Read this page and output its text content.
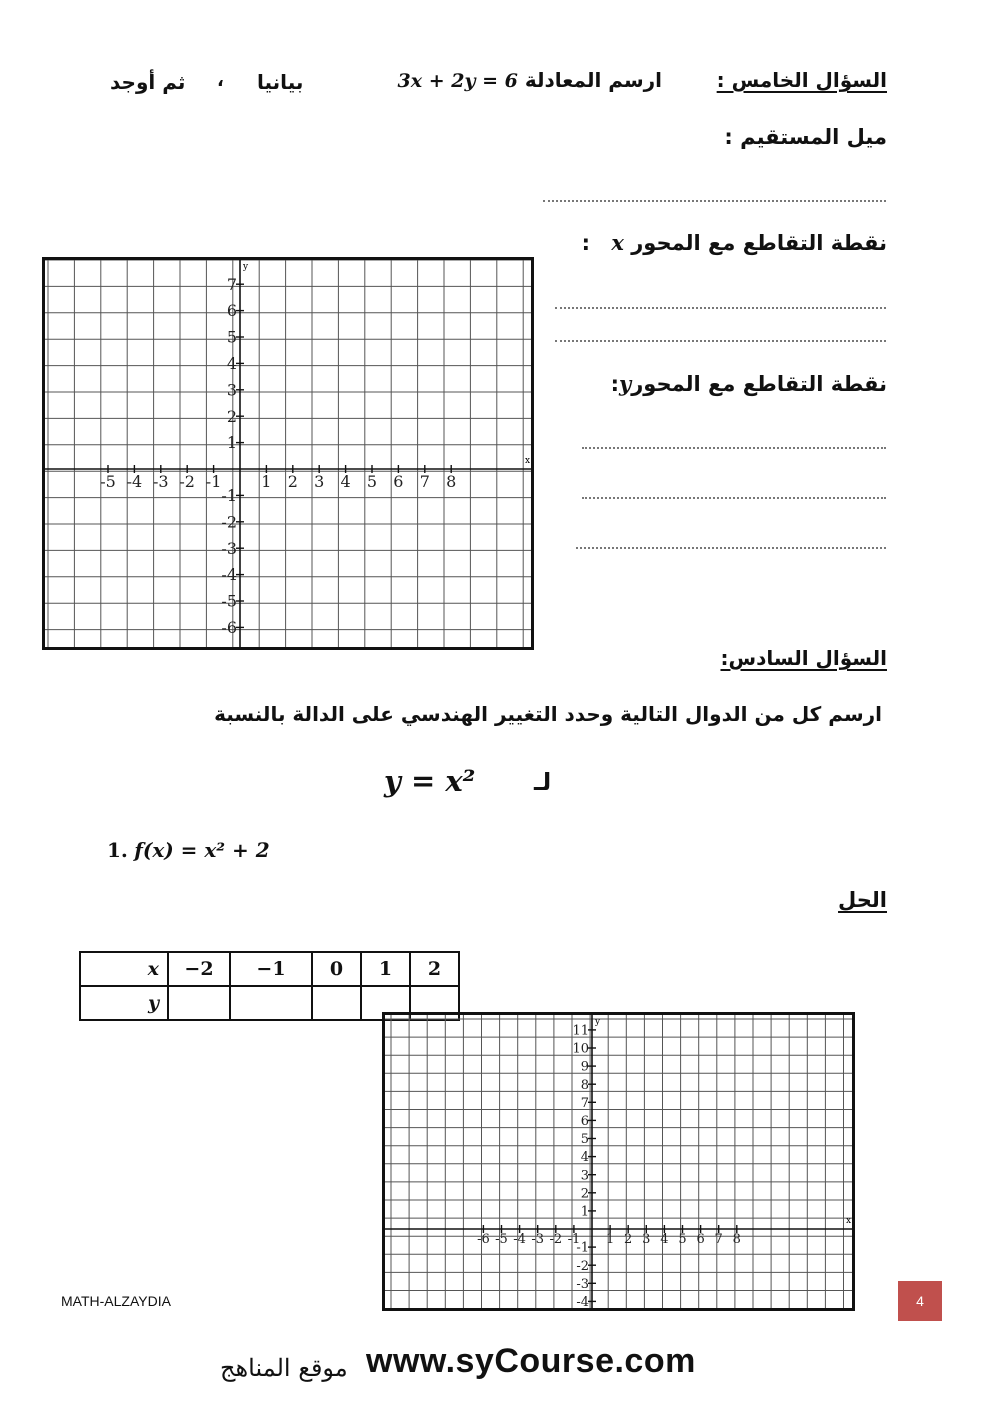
السؤال الخامس :
ارسم المعادلة 3x + 2y = 6
بيانيا
،
ثم أوجد
ميل المستقيم :
نقطة التقاطع مع المحور x :
نقطة التقاطع مع المحورy:
x
y
-5 -4 -3 -2 -1 1 2 3 4 5 6 7 8
7
6
5
4
3
2
1
-1
-2
-3
-4
-5
-6
السؤال السادس:
ارسم كل من الدوال التالية وحدد التغيير الهندسي على الدالة بالنسبة
y = x² لـ
1. f(x) = x² + 2
الحل
x	−2	−1	0	1	2
y					
x
y
-6 -5 -4 -3 -2 -1 1 2 3 4 5 6 7 8
11
10
9
8
7
6
5
4
3
2
1
-1
-2
-3
-4
MATH-ALZAYDIA	4
موقع المناهج www.syCourse.com
